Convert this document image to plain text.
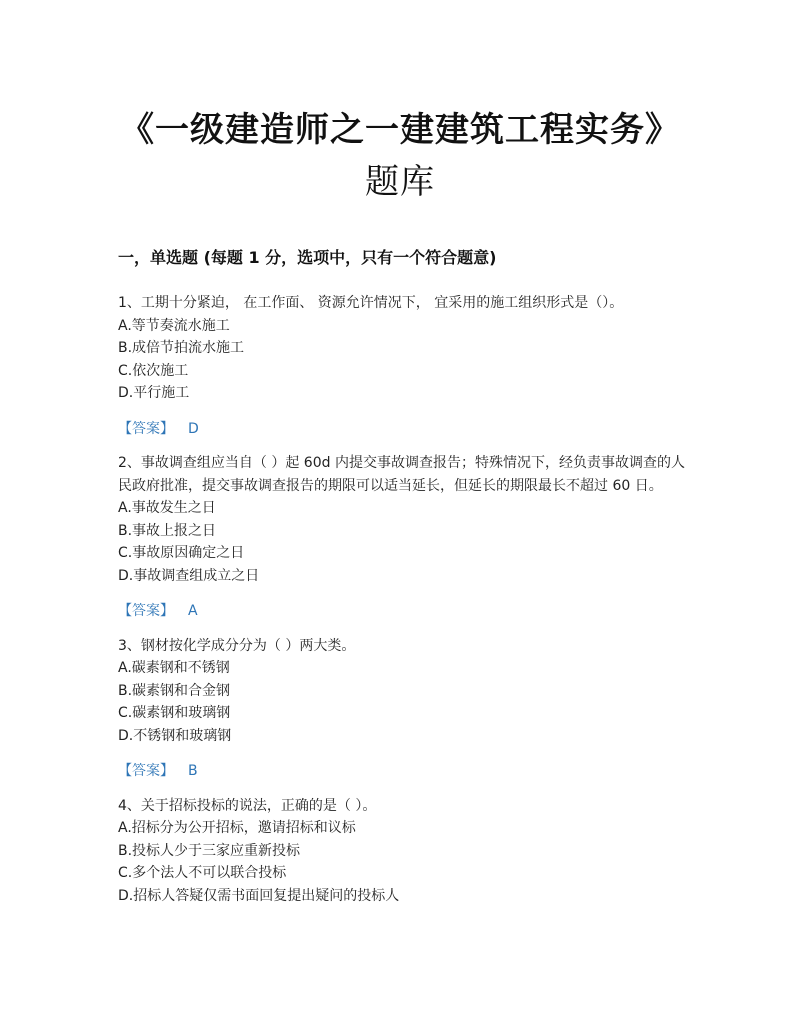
《一级建造师之一建建筑工程实务》
题库
一，单选题 (每题 1 分，选项中，只有一个符合题意)

1、工期十分紧迫， 在工作面、 资源允许情况下， 宜采用的施工组织形式是（）。

A.等节奏流水施工

B.成倍节拍流水施工

C.依次施工

D.平行施工

【答案】 D

2、事故调查组应当自（ ）起 60d 内提交事故调查报告；特殊情况下，经负责事故调查的人民政府批准，提交事故调查报告的期限可以适当延长，但延长的期限最长不超过 60 日。

A.事故发生之日

B.事故上报之日

C.事故原因确定之日

D.事故调查组成立之日

【答案】 A

3、钢材按化学成分分为（ ）两大类。

A.碳素钢和不锈钢

B.碳素钢和合金钢

C.碳素钢和玻璃钢

D.不锈钢和玻璃钢

【答案】 B

4、关于招标投标的说法，正确的是（ ）。

A.招标分为公开招标，邀请招标和议标

B.投标人少于三家应重新投标

C.多个法人不可以联合投标

D.招标人答疑仅需书面回复提出疑问的投标人
